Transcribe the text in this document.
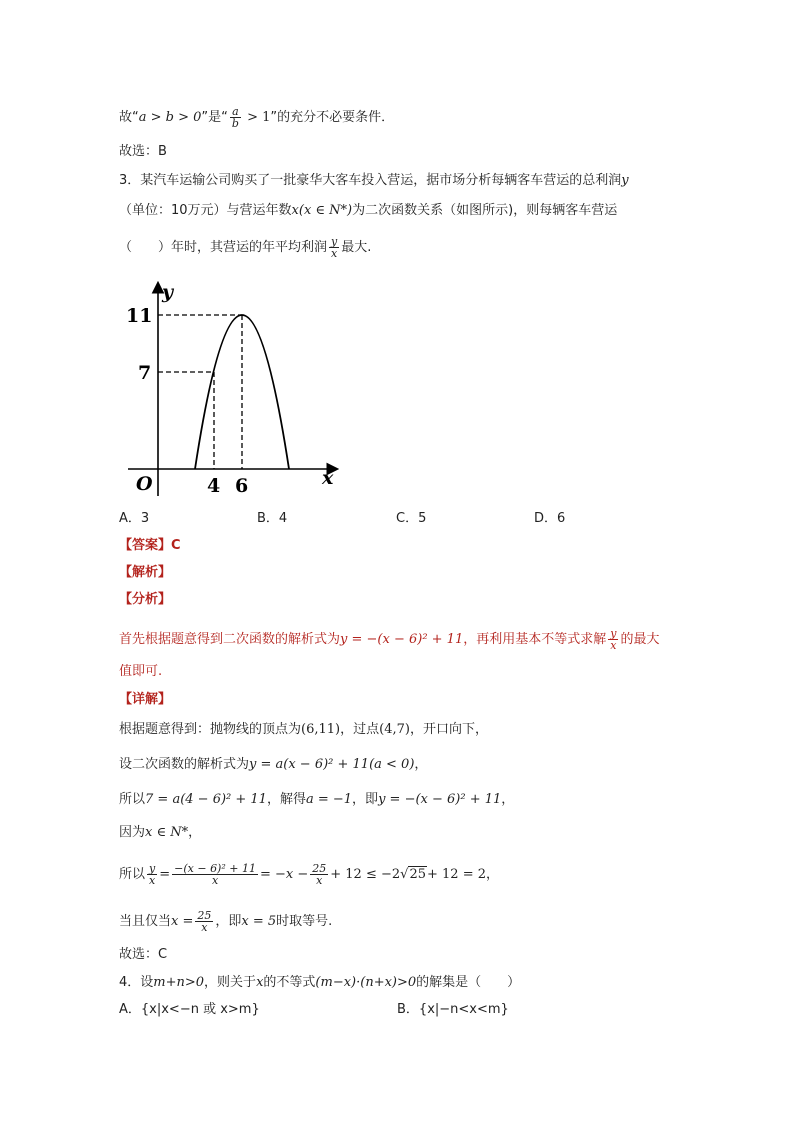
故“a > b > 0”是“ $\frac{a}{b} > 1$”的充分不必要条件．
故选：B
3．某汽车运输公司购买了一批豪华大客车投入营运，据市场分析每辆客车营运的总利润y
（单位：10万元）与营运年数x(x ∈ N*)为二次函数关系（如图所示)，则每辆客车营运
（　　）年时，其营运的年平均利润 $\frac{y}{x}$ 最大.
y
x
O
11
7
4 6
A．3	B．4	C．5	D．6
【答案】C
【解析】
【分析】
首先根据题意得到二次函数的解析式为y = −(x − 6)² + 11，再利用基本不等式求解 $\frac{y}{x}$ 的最大
值即可.
【详解】
根据题意得到：抛物线的顶点为(6,11)，过点(4,7)，开口向下，
设二次函数的解析式为y = a(x − 6)² + 11(a < 0)，
所以7 = a(4 − 6)² + 11，解得a = −1，即y = −(x − 6)² + 11，
因为x ∈ N*，
所以 $\frac{y}{x} = \frac{\text{−(x − 6)² + 11}}{x} = -x - \frac{25}{x} + 12 \le -2√25+ 12 = 2$，
当且仅当$x = \frac{25}{x}$ ，即x = 5时取等号.
故选：C
4．设m+n>0，则关于x的不等式(m−x)·(n+x)>0的解集是（　　）
A．{x|x<−n 或 x>m}	B．{x|−n<x<m}
